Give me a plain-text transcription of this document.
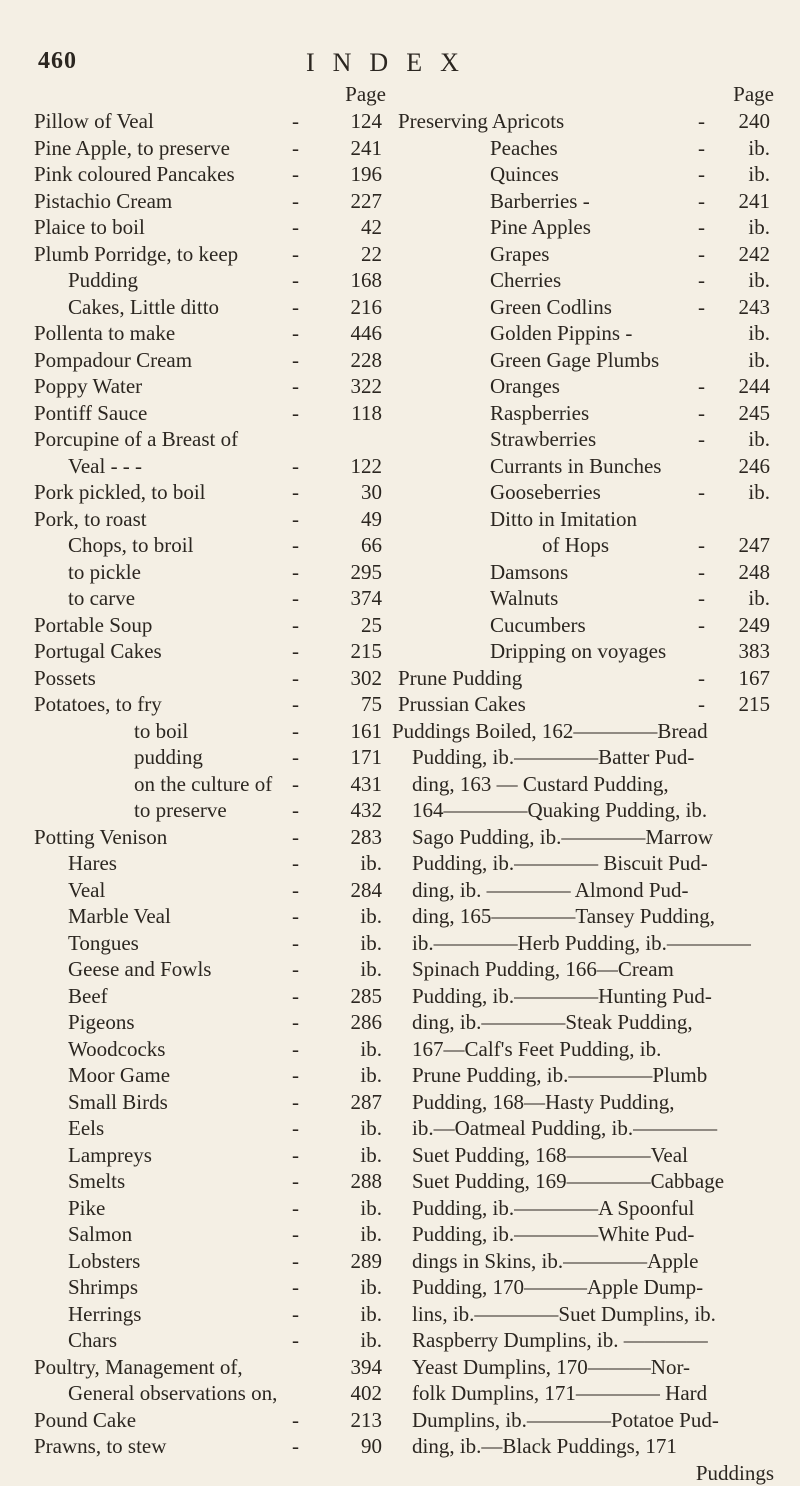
460	INDEX
Page
Pillow of Veal	- 124
Pine Apple, to preserve	- 241
Pink coloured Pancakes	- 196
Pistachio Cream	- 227
Plaice to boil	-	42
Plumb Porridge, to keep	-	22
Pudding	- 168
Cakes, Little ditto	- 216
Pollenta to make	- 446
Pompadour Cream	- 228
Poppy Water	- 322
Pontiff Sauce	- 118
Porcupine of a Breast of
Veal - - -	- 122
Pork pickled, to boil	-	30
Pork, to roast	-	49
Chops, to broil	-	66
to pickle	- 295
to carve	- 374
Portable Soup	-	25
Portugal Cakes	- 215
Possets	- 302
Potatoes, to fry	-	75
to boil	- 161
pudding	- 171
on the culture of - 431
to preserve	- 432
Potting Venison	- 283
Hares	-	ib.
Veal	- 284
Marble Veal	-	ib.
Tongues	-	ib.
Geese and Fowls	-	ib.
Beef	- 285
Pigeons	- 286
Woodcocks	-	ib.
Moor Game	-	ib.
Small Birds	- 287
Eels	-	ib.
Lampreys	-	ib.
Smelts	- 288
Pike	-	ib.
Salmon	-	ib.
Lobsters	- 289
Shrimps	-	ib.
Herrings	-	ib.
Chars	-	ib.
Poultry, Management of,	394
General observations on,	402
Pound Cake	- 213
Prawns, to stew	-	90
Page
Preserving Apricots	- 240
Peaches	- ib.
Quinces	- ib.
Barberries -	- 241
Pine Apples	- ib.
Grapes	- 242
Cherries	- ib.
Green Codlins	- 243
Golden Pippins -	ib.
Green Gage Plumbs	ib.
Oranges	- 244
Raspberries	- 245
Strawberries	- ib.
Currants in Bunches	246
Gooseberries	- ib.
Ditto in Imitation
of Hops	- 247
Damsons	- 248
Walnuts	- ib.
Cucumbers	- 249
Dripping on voyages	383
Prune Pudding	- 167
Prussian Cakes	- 215
Puddings Boiled, 162————Bread
Pudding, ib.————Batter Pud-
ding, 163 — Custard Pudding,
164————Quaking Pudding, ib.
Sago Pudding, ib.————Marrow
Pudding, ib.———— Biscuit Pud-
ding, ib. ———— Almond Pud-
ding, 165————Tansey Pudding,
ib.————Herb Pudding, ib.————
Spinach Pudding, 166—Cream
Pudding, ib.————Hunting Pud-
ding, ib.————Steak Pudding,
167—Calf's Feet Pudding, ib.
Prune Pudding, ib.————Plumb
Pudding, 168—Hasty Pudding,
ib.—Oatmeal Pudding, ib.————
Suet Pudding, 168————Veal
Suet Pudding, 169————Cabbage
Pudding, ib.————A Spoonful
Pudding, ib.————White Pud-
dings in Skins, ib.————Apple
Pudding, 170———Apple Dump-
lins, ib.————Suet Dumplins, ib.
Raspberry Dumplins, ib. ————
Yeast Dumplins, 170———Nor-
folk Dumplins, 171———— Hard
Dumplins, ib.————Potatoe Pud-
ding, ib.—Black Puddings, 171
Puddings
